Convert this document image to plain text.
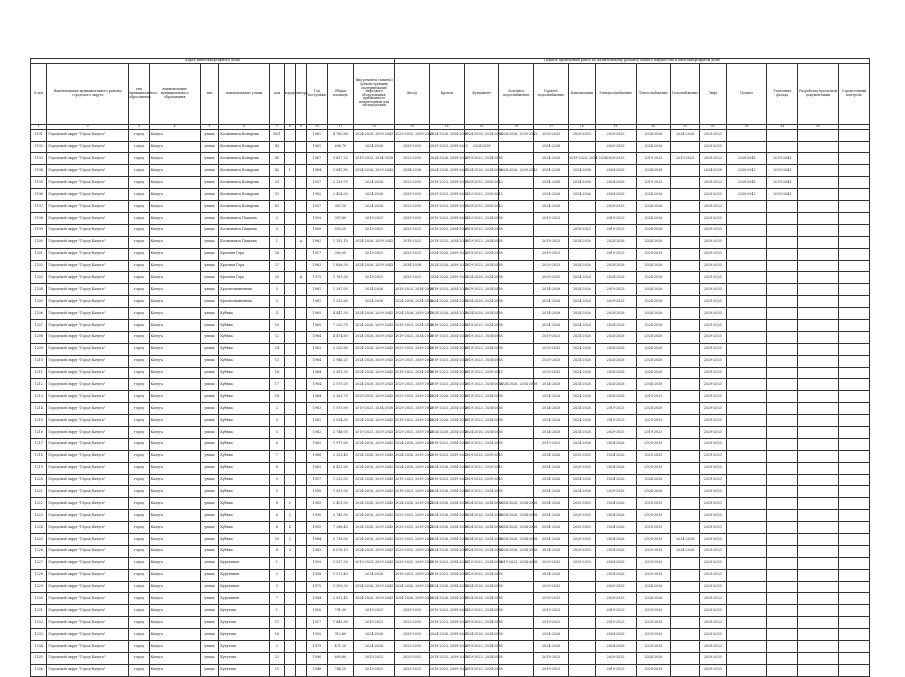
Адрес многоквартирного дома												Период проведения работ по капитальному ремонту общего имущества в многоквартирном доме													
№ п/п	Наименование муниципального района/городского округа	тип муниципального образования	наименование муниципального образования	тип	наименование улицы	дом	корпус	литера	Год постройки	Общая площадь	Вид ремонта (замена) (реконструкция/модернизация) лифтового оборудования, признанного непригодным для эксплуатации	Фасад	Кровля	Фундамент	Холодное водоснабжение	Горячее водоснабжение	Канализация	Электроснабжение	Теплоснабжение	Газоснабжение	Лифт	Подвал	Утепление фасада	Разработка проектной документации	Строительный контроль
1	2	3	4	5	6	7	8	9	10	11	12	13	14	15	16	17	18	19	20	21	22	23	24	25	
1191	Городской округ "Город Калуга"	город	Калуга	улица	Космонавта Комарова	36/1			1961	4 780,80	2024-2026, 2039-2043	2029-2033, 2039-2043	2024-2026, 2034-2038	2024-2026, 2034-2038	2024-2026, 2039-2043	2029-2033	2029-2033	2029-2033	2024-2026	2024-2026	2029-2033				
1192	Городской округ "Город Калуга"	город	Калуга	улица	Космонавта Комарова	43			1961	608,70	2024-2026	2029-2033	2029-2033, 2039-2043	2024-2026		2034-2038		2029-2033	2024-2026		2029-2033				
1193	Городской округ "Город Калуга"	город	Калуга	улица	Космонавта Комарова	45			1967	3 657,20	2019-2023, 2034-2038	2029-2033	2024-2026, 2039-2043	2019-2023, 2034-2038		2024-2026	2019-2023, 2034-2038	2029-2033	2019-2023	2019-2023	2029-2033	2039-2043	2039-2043		
1194	Городской округ "Город Калуга"	город	Калуга	улица	Космонавта Комарова	42	1		1964	1 647,80	2024-2026, 2039-2043	2034-2038	2024-2026, 2039-2043	2024-2026, 2034-2038	2024-2026, 2039-2043	2034-2038	2034-2038	2024-2026	2034-2038		2034-2038	2039-2043	2039-2043		
1195	Городской округ "Город Калуга"	город	Калуга	улица	Космонавта Комарова	53			1957	2 229,70	2024-2026	2029-2033	2019-2023, 2039-2043	2029-2033, 2039-2043		2034-2038	2034-2038	2024-2026	2019-2023		2029-2033	2039-2043	2039-2043		
1196	Городской округ "Город Калуга"	город	Калуга	улица	Космонавта Комарова	51			1962	2 424,00	2024-2026	2029-2033	2029-2033, 2039-2043	2019-2023, 2039-2043		2024-2026	2024-2026	2024-2026	2024-2026		2029-2033	2039-2043	2039-2043		
1197	Городской округ "Город Калуга"	город	Калуга	улица	Космонавта Комарова	61			1957	387,10	2024-2026	2029-2033	2029-2033, 2039-2043	2029-2033, 2039-2043		2024-2026		2029-2033	2024-2026		2029-2033				
1198	Городской округ "Город Калуга"	город	Калуга	улица	Космонавта Пацаева	3			1959	397,60	2019-2023	2029-2033	2019-2023, 2039-2043	2019-2023, 2034-2038		2019-2023		2019-2023	2024-2026		2029-2033				
1199	Городской округ "Город Калуга"	город	Калуга	улица	Космонавта Пацаева	5			1960	593,20	2019-2023	2029-2033	2019-2023, 2034-2038	2019-2023, 2034-2038			2019-2023	2019-2023	2024-2026		2029-2033				
1200	Городской округ "Город Калуга"	город	Калуга	улица	Космонавта Пацаева	1		А	1962	1 192,10	2024-2026, 2039-2043	2019-2023	2019-2023, 2034-2038	2019-2023, 2034-2038		2019-2023	2024-2026	2024-2026	2024-2026		2029-2033				
1201	Городской округ "Город Калуга"	город	Калуга	улица	Красная Гора	26			1917	300,00	2019-2023	2029-2033	2024-2026, 2039-2043	2019-2023, 2034-2038		2019-2023		2019-2023	2029-2033		2029-2033				
1202	Городской округ "Город Калуга"	город	Калуга	улица	Красная Гора	27			1962	1 836,50	2024-2026, 2039-2043	2034-2038	2024-2026, 2039-2043	2019-2023, 2034-2038		2029-2033	2024-2026	2024-2026	2024-2026		2029-2033				
1203	Городской округ "Город Калуга"	город	Калуга	улица	Красная Гора	25		А	1975	1 761,50	2019-2023	2029-2033	2024-2026, 2039-2043	2024-2026, 2034-2038		2029-2033	2024-2026	2024-2026	2024-2026		2029-2033				
1204	Городской округ "Город Калуга"	город	Калуга	улица	Краснознаменная	5			1961	1 297,00	2024-2026	2019-2023, 2034-2038	2019-2023, 2034-2038	2019-2023, 2034-2038		2024-2026	2024-2026	2019-2023	2024-2026		2029-2033				
1205	Городской округ "Город Калуга"	город	Калуга	улица	Краснознаменная	3			1961	1 323,60	2024-2026	2024-2026, 2034-2038	2024-2026, 2034-2038	2024-2026, 2034-2038		2024-2026	2024-2026	2029-2033	2024-2026		2029-2033				
1206	Городской округ "Город Калуга"	город	Калуга	улица	Кубяка	4			1965	4 447,30	2024-2026, 2039-2043	2024-2026, 2039-2043	2024-2026, 2034-2038	2024-2026, 2034-2038		2024-2026	2024-2026	2024-2026	2024-2026		2029-2033				
1207	Городской округ "Город Калуга"	город	Калуга	улица	Кубяка	10			1965	7 220,70	2024-2026, 2039-2043	2019-2023, 2034-2038	2019-2023, 2034-2038	2019-2023, 2034-2038		2024-2026	2024-2026	2024-2026	2024-2026		2029-2033				
1208	Городской округ "Город Калуга"	город	Калуга	улица	Кубяка	12			1964	4 474,60	2024-2026, 2039-2043	2019-2023, 2034-2038	2019-2023, 2034-2038	2019-2023, 2034-2038		2019-2023	2024-2026	2024-2026	2024-2026		2029-2033				
1209	Городской округ "Город Калуга"	город	Калуга	улица	Кубяка	14			1963	3 320,60	2024-2026, 2039-2043	2029-2033, 2039-2043	2019-2023, 2034-2038	2019-2023, 2034-2038		2029-2033	2024-2026	2024-2026	2024-2026		2029-2033				
1210	Городской округ "Город Калуга"	город	Калуга	улица	Кубяка	13			1964	3 946,20	2024-2026, 2039-2043	2029-2033, 2039-2043	2019-2023, 2034-2038	2019-2023, 2034-2038		2029-2033	2024-2026	2024-2026	2024-2026		2029-2033				
1211	Городской округ "Город Калуга"	город	Калуга	улица	Кубяка	16			1964	3 301,30	2024-2026, 2039-2043	2019-2023, 2034-2038	2019-2023, 2034-2038	2019-2023, 2039-2043		2029-2033	2024-2026	2024-2026	2024-2026		2029-2033				
1212	Городской округ "Город Калуга"	город	Калуга	улица	Кубяка	17			1964	3 579,20	2024-2026, 2039-2043	2029-2033, 2039-2043	2019-2023, 2034-2038	2019-2023, 2034-2038	2024-2026, 2034-2038	2024-2026	2024-2026	2024-2026	2034-2038		2029-2033				
1213	Городской округ "Город Калуга"	город	Калуга	улица	Кубяка	18			1964	3 263,70	2029-2033, 2039-2043	2029-2033, 2039-2043	2024-2026, 2034-2038	2019-2023, 2034-2038		2024-2026	2024-2026	2024-2026	2019-2023		2029-2033				
1214	Городской округ "Город Калуга"	город	Калуга	улица	Кубяка	2			1963	1 573,90	2019-2023, 2034-2038	2029-2033, 2039-2043	2019-2023, 2034-2038	2019-2023, 2034-2038		2024-2026	2024-2026	2019-2023	2024-2026		2029-2033				
1215	Городской округ "Город Калуга"	город	Калуга	улица	Кубяка	3			1962	3 034,30	2024-2026, 2039-2043	2019-2023, 2039-2043	2024-2026, 2034-2038	2019-2023, 2034-2038		2024-2026	2024-2026	2019-2023	2029-2033		2029-2033				
1216	Городской округ "Город Калуга"	город	Калуга	улица	Кубяка	5			1962	3 746,00	2019-2023, 2039-2043	2029-2033, 2039-2043	2024-2026, 2034-2038	2024-2026, 2034-2038		2024-2026	2024-2026	2029-2033	2019-2023		2029-2033				
1217	Городской округ "Город Калуга"	город	Калуга	улица	Кубяка	6			1962	1 977,60	2024-2026, 2039-2043	2024-2026, 2039-2043	2019-2023, 2034-2038	2019-2023, 2034-2038		2019-2023	2024-2026	2024-2026	2029-2033		2029-2033				
1218	Городской округ "Город Калуга"	город	Калуга	улица	Кубяка	7			1968	5 333,40	2024-2026, 2039-2043	2024-2026, 2039-2043	2019-2023, 2039-2043	2019-2023, 2039-2043		2024-2026	2029-2033	2024-2026	2029-2033		2029-2033				
1219	Городской округ "Город Калуга"	город	Калуга	улица	Кубяка	8			1963	6 432,60	2024-2026, 2039-2043	2024-2026, 2039-2043	2024-2026, 2034-2038	2019-2023, 2039-2043		2024-2026	2029-2033	2024-2026	2029-2033		2029-2033				
1220	Городской округ "Город Калуга"	город	Калуга	улица	Кубяка	9			1957	1 233,50	2024-2026, 2039-2043	2019-2023, 2039-2043	2019-2023, 2039-2043	2019-2023, 2039-2043		2024-2026	2024-2026	2024-2026	2024-2026		2029-2033				
1221	Городской округ "Город Калуга"	город	Калуга	улица	Кубяка	1			1958	1 051,00	2024-2026, 2039-2043	2019-2023, 2039-2043	2024-2026, 2034-2038	2019-2023, 2034-2038		2024-2026	2024-2026	2029-2033	2024-2026		2029-2033				
1222	Городской округ "Город Калуга"	город	Калуга	улица	Кубяка	8	2		1983	5 401,50	2024-2026, 2039-2043	2024-2026, 2039-2043	2024-2026, 2034-2038	2024-2026, 2034-2038	2024-2026, 2034-2038	2024-2026	2029-2033	2024-2026	2029-2033		2029-2033				
1223	Городской округ "Город Калуга"	город	Калуга	улица	Кубяка	6	2		1990	3 745,90	2024-2026, 2039-2043	2029-2033, 2039-2043	2024-2026, 2034-2038	2024-2026, 2034-2038	2024-2026, 2034-2038	2024-2026	2029-2033	2024-2026	2029-2033		2029-2033				
1224	Городской округ "Город Калуга"	город	Калуга	улица	Кубяка	6	4		1992	7 286,40	2024-2026, 2039-2043	2029-2033, 2039-2043	2024-2026, 2034-2038	2024-2026, 2034-2038	2024-2026, 2034-2038	2024-2026	2029-2033	2024-2026	2029-2033		2029-2033				
1225	Городской округ "Город Калуга"	город	Калуга	улица	Кубяка	10	2		1984	5 736,00	2024-2026, 2039-2043	2029-2033, 2039-2043	2024-2026, 2034-2038	2024-2026, 2034-2038	2024-2026, 2034-2038	2024-2026	2029-2033	2024-2026	2029-2033	2024-2026	2029-2033				
1226	Городской округ "Город Калуга"	город	Калуга	улица	Кубяка	8	3		1983	6 076,10	2024-2026, 2039-2043	2029-2033, 2039-2043	2024-2026, 2034-2038	2024-2026, 2034-2038	2024-2026, 2034-2038	2024-2026	2029-2033	2024-2026	2029-2033	2024-2026	2029-2033				
1227	Городской округ "Город Калуга"	город	Калуга	улица	Курганная	1			1959	1 537,50	2019-2023, 2039-2043	2029-2033, 2039-2043	2019-2023, 2034-2038	2019-2023, 2034-2038	2019-2023, 2034-2038	2029-2033	2029-2033	2024-2026	2029-2033		2029-2033				
1228	Городской округ "Город Калуга"	город	Калуга	улица	Курганная	3			1958	1 573,40	2024-2026	2019-2023, 2039-2043	2019-2023, 2034-2038	2019-2023, 2034-2038		2024-2026		2024-2026	2029-2033		2029-2033				
1229	Городской округ "Город Калуга"	город	Калуга	улица	Курганная	5			1975	1 300,30	2024-2026, 2039-2043	2024-2026, 2039-2043	2024-2026, 2034-2038	2024-2026, 2034-2038		2029-2033		2029-2033	2024-2026		2029-2033				
1230	Городской округ "Город Калуга"	город	Калуга	улица	Курганная	7			1984	2 051,45	2024-2026, 2039-2043	2024-2026, 2039-2043	2024-2026, 2034-2038	2024-2026, 2034-2038		2029-2033		2029-2033	2024-2026		2029-2033				
1231	Городской округ "Город Калуга"	город	Калуга	улица	Кутузова	1			1916	791,30	2019-2023	2029-2033	2019-2023, 2039-2043	2019-2023, 2034-2038		2019-2023		2019-2023	2029-2033		2029-2033				
1232	Городской округ "Город Калуга"	город	Калуга	улица	Кутузова	11			1917	1 442,90	2019-2023	2029-2033	2019-2023, 2039-2043	2019-2023, 2034-2038		2019-2023		2019-2023	2029-2033		2029-2033				
1233	Городской округ "Город Калуга"	город	Калуга	улица	Кутузова	16			1955	912,60	2024-2026	2029-2033	2024-2026, 2039-2043	2024-2026, 2034-2038		2024-2026		2024-2026	2029-2033		2029-2033				
1234	Городской округ "Город Калуга"	город	Калуга	улица	Кутузова	3			1979	471,20	2024-2026	2029-2033	2019-2023, 2039-2043	2019-2023, 2034-2038		2024-2026		2024-2026	2029-2033		2029-2033				
1235	Городской округ "Город Калуга"	город	Калуга	улица	Кутузова	23			1996	695,60	2019-2023	2029-2033	2019-2023, 2039-2043	2019-2023, 2034-2038		2019-2023		2029-2033	2024-2026		2029-2033				
1236	Городской округ "Город Калуга"	город	Калуга	улица	Кутузова	15			1948	744,10	2019-2023	2029-2033	2019-2023, 2039-2043	2019-2023, 2034-2038		2019-2023		2019-2023	2029-2033		2029-2033				
